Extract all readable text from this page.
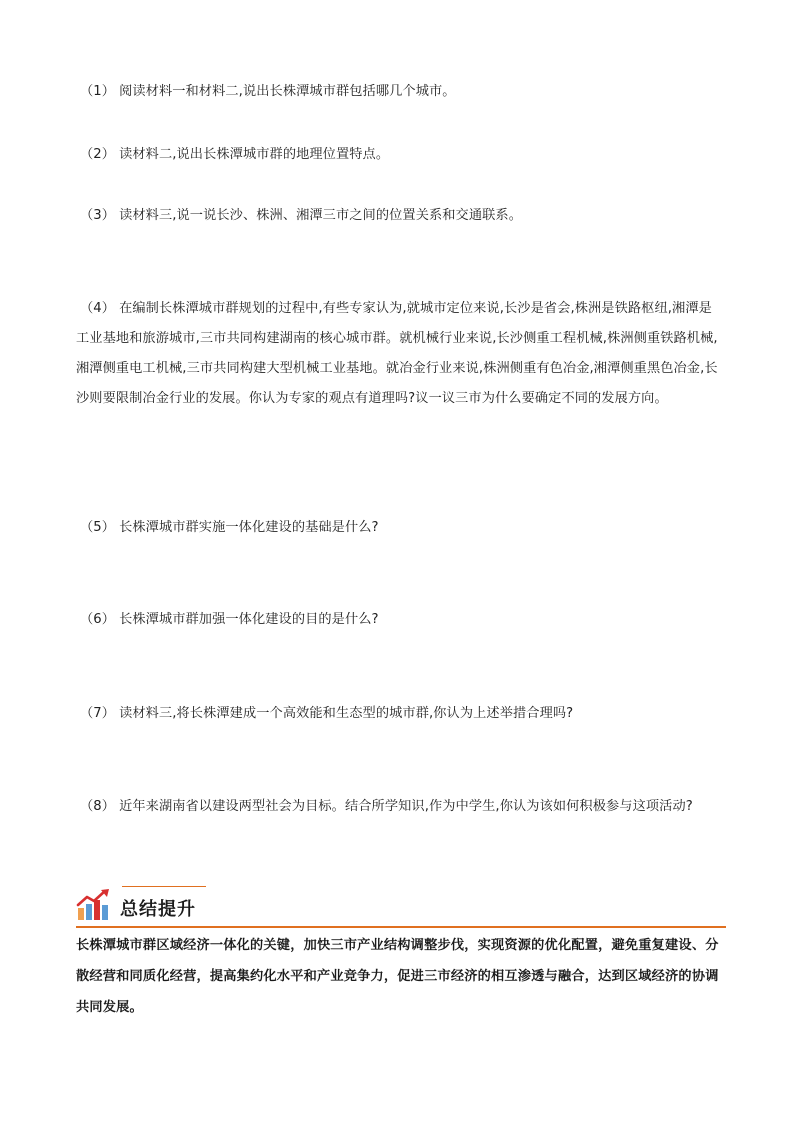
（1） 阅读材料一和材料二,说出长株潭城市群包括哪几个城市。
（2） 读材料二,说出长株潭城市群的地理位置特点。
（3） 读材料三,说一说长沙、株洲、湘潭三市之间的位置关系和交通联系。
（4） 在编制长株潭城市群规划的过程中,有些专家认为,就城市定位来说,长沙是省会,株洲是铁路枢纽,湘潭是工业基地和旅游城市,三市共同构建湖南的核心城市群。就机械行业来说,长沙侧重工程机械,株洲侧重铁路机械,湘潭侧重电工机械,三市共同构建大型机械工业基地。就冶金行业来说,株洲侧重有色冶金,湘潭侧重黑色冶金,长沙则要限制冶金行业的发展。你认为专家的观点有道理吗?议一议三市为什么要确定不同的发展方向。
（5） 长株潭城市群实施一体化建设的基础是什么?
（6） 长株潭城市群加强一体化建设的目的是什么?
（7） 读材料三,将长株潭建成一个高效能和生态型的城市群,你认为上述举措合理吗?
（8） 近年来湖南省以建设两型社会为目标。结合所学知识,作为中学生,你认为该如何积极参与这项活动?
总结提升
长株潭城市群区域经济一体化的关键，加快三市产业结构调整步伐，实现资源的优化配置，避免重复建设、分散经营和同质化经营，提高集约化水平和产业竞争力，促进三市经济的相互渗透与融合，达到区域经济的协调共同发展。
